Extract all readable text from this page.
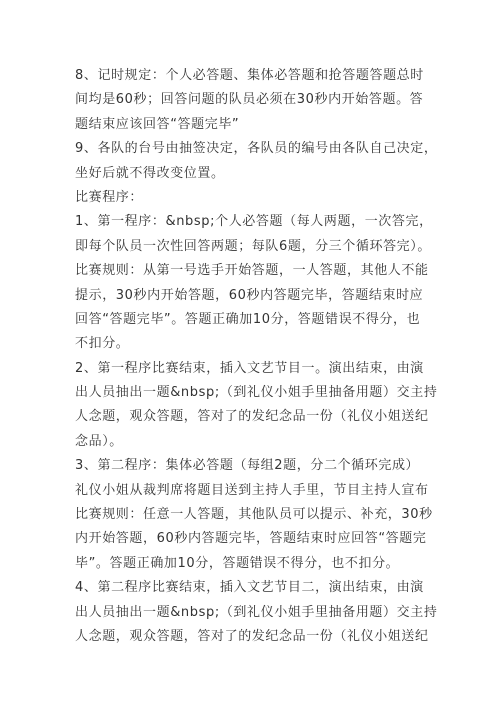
8、记时规定：个人必答题、集体必答题和抢答题答题总时
间均是60秒；回答问题的队员必须在30秒内开始答题。答
题结束应该回答“答题完毕”
9、各队的台号由抽签决定，各队员的编号由各队自己决定，
坐好后就不得改变位置。
比赛程序：
1、第一程序：&nbsp;个人必答题（每人两题，一次答完，
即每个队员一次性回答两题；每队6题，分三个循环答完）。
比赛规则：从第一号选手开始答题，一人答题，其他人不能
提示，30秒内开始答题，60秒内答题完毕，答题结束时应
回答“答题完毕”。答题正确加10分，答题错误不得分，也
不扣分。
2、第一程序比赛结束，插入文艺节目一。演出结束，由演
出人员抽出一题&nbsp;（到礼仪小姐手里抽备用题）交主持
人念题，观众答题，答对了的发纪念品一份（礼仪小姐送纪
念品）。
3、第二程序：集体必答题（每组2题，分二个循环完成）
礼仪小姐从裁判席将题目送到主持人手里，节目主持人宣布
比赛规则：任意一人答题，其他队员可以提示、补充，30秒
内开始答题，60秒内答题完毕，答题结束时应回答“答题完
毕”。答题正确加10分，答题错误不得分，也不扣分。
4、第二程序比赛结束，插入文艺节目二，演出结束，由演
出人员抽出一题&nbsp;（到礼仪小姐手里抽备用题）交主持
人念题，观众答题，答对了的发纪念品一份（礼仪小姐送纪
